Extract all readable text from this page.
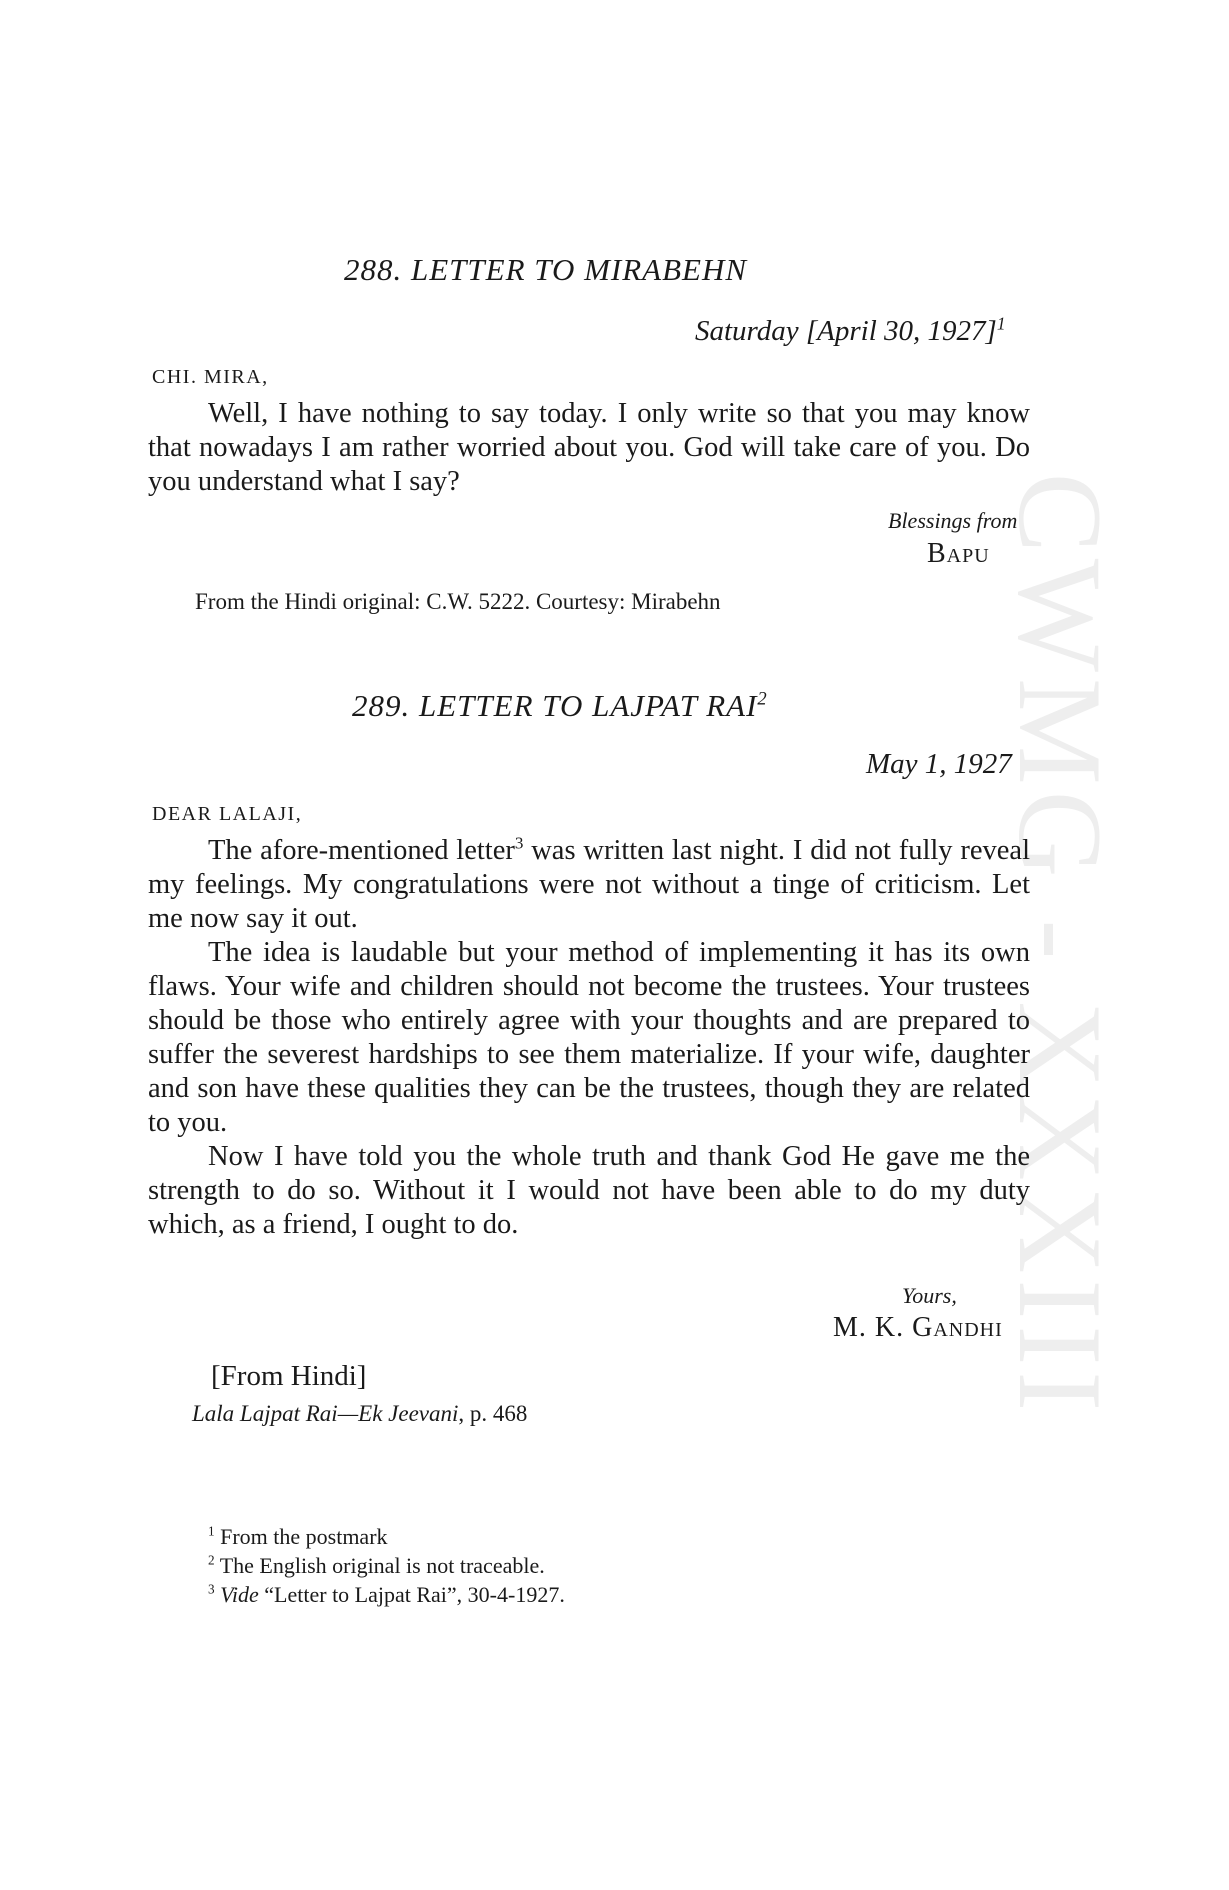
CWMG - XXXIII
288. LETTER TO MIRABEHN
Saturday [April 30, 1927]$^1$
CHI. MIRA,

Well, I have nothing to say today. I only write so that you may know that nowadays I am rather worried about you. God will take care of you. Do you understand what I say?

Blessings from
Bapu
From the Hindi original: C.W. 5222. Courtesy: Mirabehn
289. LETTER TO LAJPAT RAI$^2$
May 1, 1927
DEAR LALAJI,

The afore-mentioned letter$^3$ was written last night. I did not fully reveal my feelings. My congratulations were not without a tinge of criticism. Let me now say it out.

The idea is laudable but your method of implementing it has its own flaws. Your wife and children should not become the trustees. Your trustees should be those who entirely agree with your thoughts and are prepared to suffer the severest hardships to see them materialize. If your wife, daughter and son have these qualities they can be the trustees, though they are related to you.

Now I have told you the whole truth and thank God He gave me the strength to do so. Without it I would not have been able to do my duty which, as a friend, I ought to do.

Yours,
M. K. Gandhi
[From Hindi]
Lala Lajpat Rai—Ek Jeevani, p. 468
$^1$ From the postmark
$^2$ The English original is not traceable.
$^3$ Vide “Letter to Lajpat Rai”, 30-4-1927.
